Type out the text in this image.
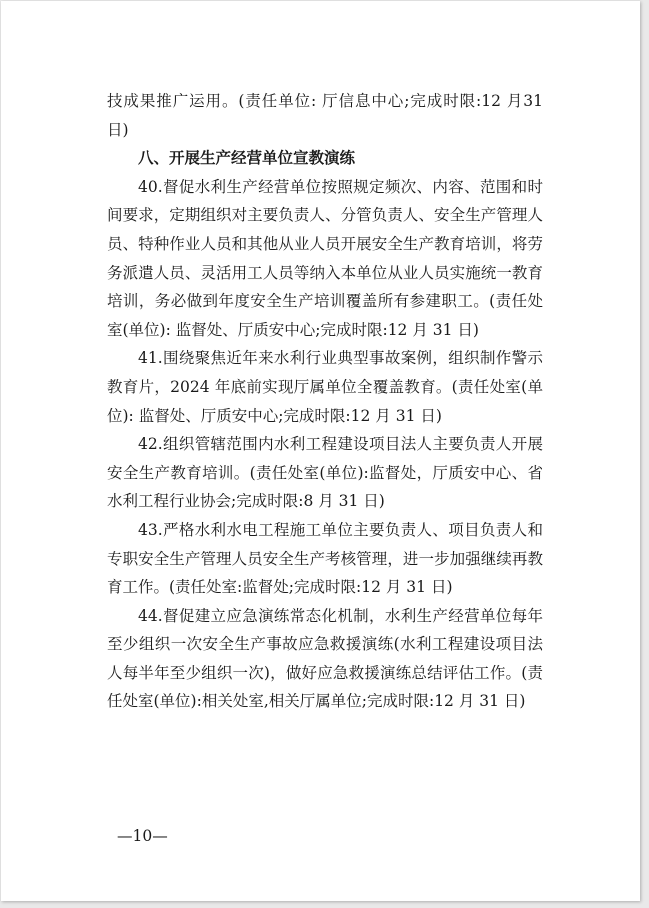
技成果推广运用。(责任单位: 厅信息中心;完成时限:12 月31 日)

八、开展生产经营单位宣教演练

40.督促水利生产经营单位按照规定频次、内容、范围和时间要求，定期组织对主要负责人、分管负责人、安全生产管理人员、特种作业人员和其他从业人员开展安全生产教育培训，将劳务派遣人员、灵活用工人员等纳入本单位从业人员实施统一教育培训，务必做到年度安全生产培训覆盖所有参建职工。(责任处室(单位): 监督处、厅质安中心;完成时限:12 月 31 日)

41.围绕聚焦近年来水利行业典型事故案例，组织制作警示教育片，2024 年底前实现厅属单位全覆盖教育。(责任处室(单位): 监督处、厅质安中心;完成时限:12 月 31 日)

42.组织管辖范围内水利工程建设项目法人主要负责人开展安全生产教育培训。(责任处室(单位):监督处，厅质安中心、省水利工程行业协会;完成时限:8 月 31 日)

43.严格水利水电工程施工单位主要负责人、项目负责人和专职安全生产管理人员安全生产考核管理，进一步加强继续再教育工作。(责任处室:监督处;完成时限:12 月 31 日)

44.督促建立应急演练常态化机制，水利生产经营单位每年至少组织一次安全生产事故应急救援演练(水利工程建设项目法人每半年至少组织一次)，做好应急救援演练总结评估工作。(责任处室(单位):相关处室,相关厅属单位;完成时限:12 月 31 日)

—10—
